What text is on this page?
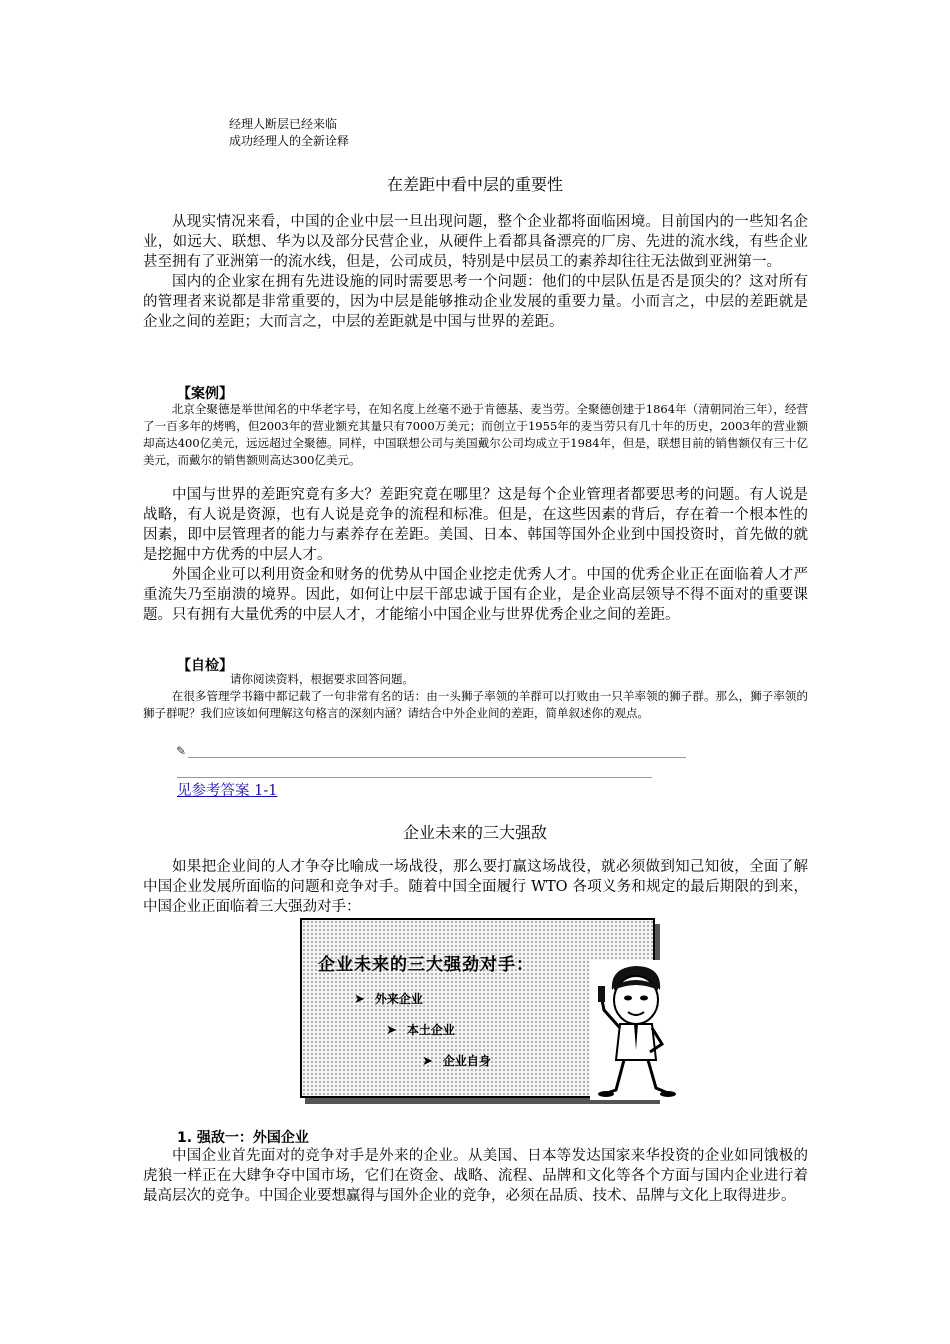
经理人断层已经来临
成功经理人的全新诠释
在差距中看中层的重要性

从现实情况来看，中国的企业中层一旦出现问题，整个企业都将面临困境。目前国内的一些知名企业，如远大、联想、华为以及部分民营企业，从硬件上看都具备漂亮的厂房、先进的流水线，有些企业甚至拥有了亚洲第一的流水线，但是，公司成员，特别是中层员工的素养却往往无法做到亚洲第一。

国内的企业家在拥有先进设施的同时需要思考一个问题：他们的中层队伍是否是顶尖的？这对所有的管理者来说都是非常重要的，因为中层是能够推动企业发展的重要力量。小而言之，中层的差距就是企业之间的差距；大而言之，中层的差距就是中国与世界的差距。

【案例】

北京全聚德是举世闻名的中华老字号，在知名度上丝毫不逊于肯德基、麦当劳。全聚德创建于1864年（清朝同治三年），经营了一百多年的烤鸭，但2003年的营业额充其量只有7000万美元；而创立于1955年的麦当劳只有几十年的历史，2003年的营业额却高达400亿美元，远远超过全聚德。同样，中国联想公司与美国戴尔公司均成立于1984年，但是，联想目前的销售额仅有三十亿美元，而戴尔的销售额则高达300亿美元。

中国与世界的差距究竟有多大？差距究竟在哪里？这是每个企业管理者都要思考的问题。有人说是战略，有人说是资源，也有人说是竞争的流程和标准。但是，在这些因素的背后，存在着一个根本性的因素，即中层管理者的能力与素养存在差距。美国、日本、韩国等国外企业到中国投资时，首先做的就是挖掘中方优秀的中层人才。

外国企业可以利用资金和财务的优势从中国企业挖走优秀人才。中国的优秀企业正在面临着人才严重流失乃至崩溃的境界。因此，如何让中层干部忠诚于国有企业，是企业高层领导不得不面对的重要课题。只有拥有大量优秀的中层人才，才能缩小中国企业与世界优秀企业之间的差距。

【自检】
请你阅读资料，根据要求回答问题。

在很多管理学书籍中都记载了一句非常有名的话：由一头狮子率领的羊群可以打败由一只羊率领的狮子群。那么，狮子率领的狮子群呢？我们应该如何理解这句格言的深刻内涵？请结合中外企业间的差距，简单叙述你的观点。

✎
见参考答案 1-1
企业未来的三大强敌

如果把企业间的人才争夺比喻成一场战役，那么要打赢这场战役，就必须做到知己知彼，全面了解中国企业发展所面临的问题和竞争对手。随着中国全面履行 WTO 各项义务和规定的最后期限的到来，中国企业正面临着三大强劲对手：

企业未来的三大强劲对手：
➤ 外来企业
➤ 本土企业
➤ 企业自身
1. 强敌一：外国企业

中国企业首先面对的竞争对手是外来的企业。从美国、日本等发达国家来华投资的企业如同饿极的虎狼一样正在大肆争夺中国市场，它们在资金、战略、流程、品牌和文化等各个方面与国内企业进行着最高层次的竞争。中国企业要想赢得与国外企业的竞争，必须在品质、技术、品牌与文化上取得进步。
